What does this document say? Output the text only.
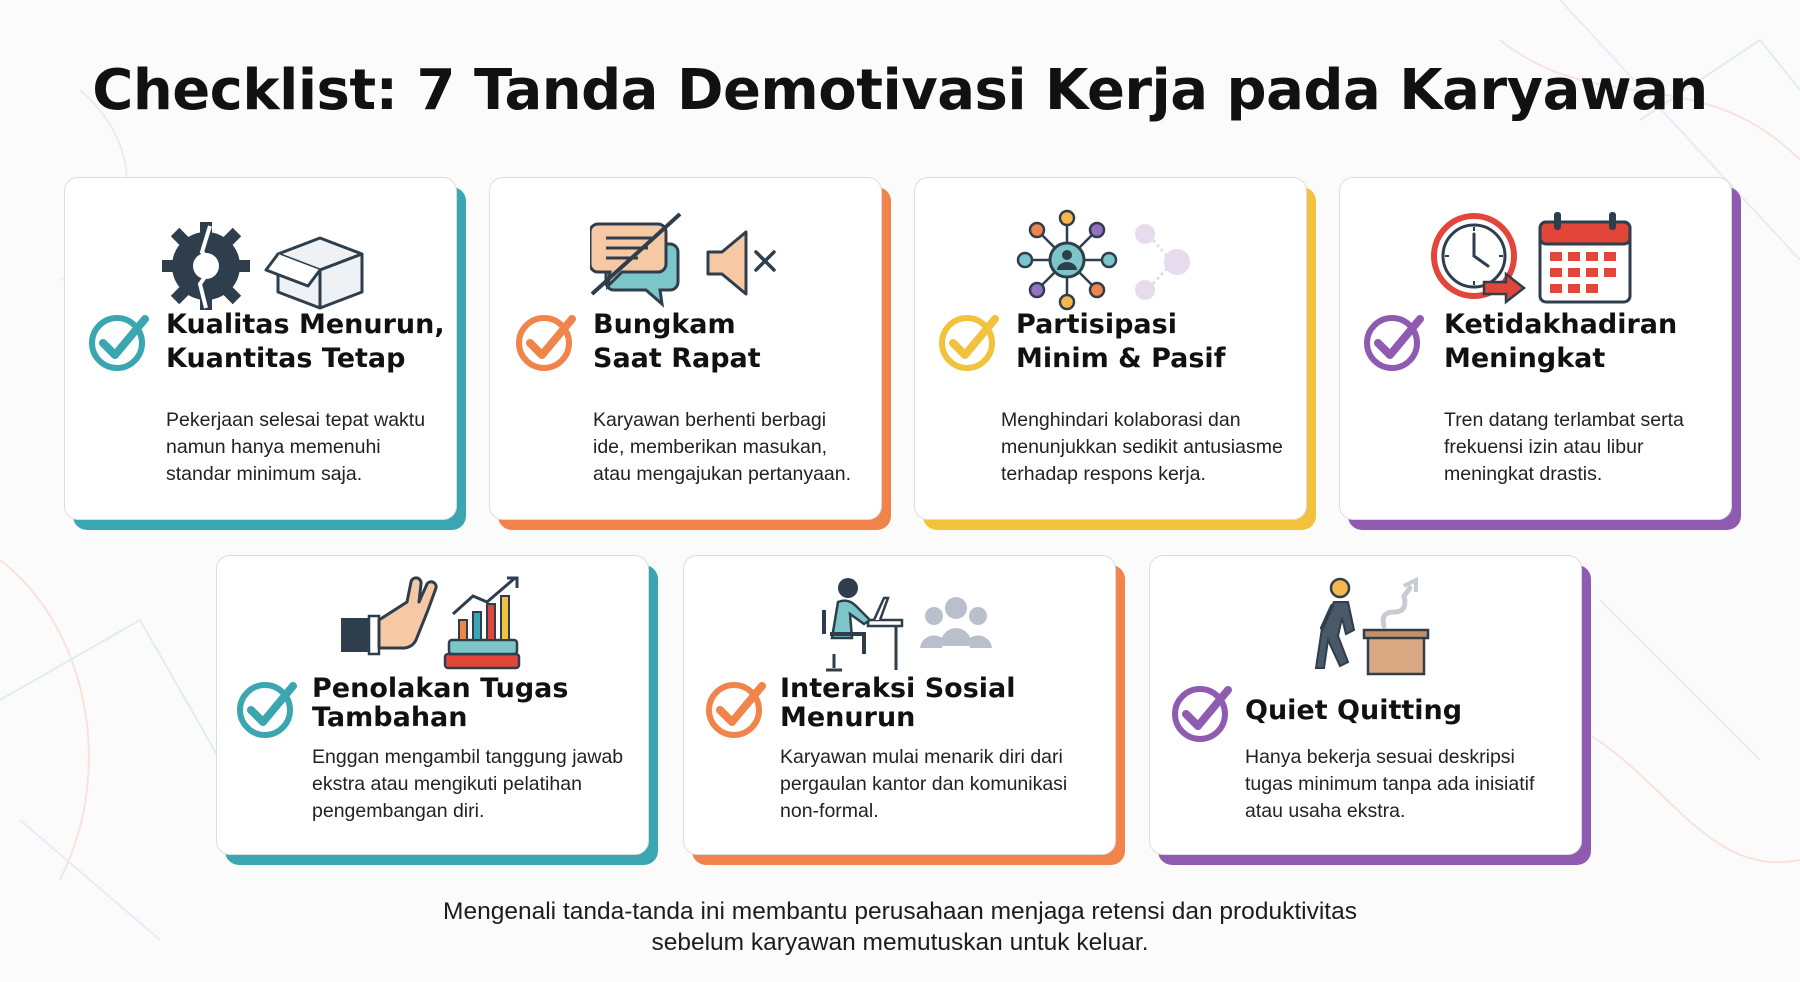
Checklist: 7 Tanda Demotivasi Kerja pada Karyawan
Kualitas Menurun,
Kuantitas Tetap
Pekerjaan selesai tepat waktu
namun hanya memenuhi
standar minimum saja.
Bungkam
Saat Rapat
Karyawan berhenti berbagi
ide, memberikan masukan,
atau mengajukan pertanyaan.
Partisipasi
Minim & Pasif
Menghindari kolaborasi dan
menunjukkan sedikit antusiasme
terhadap respons kerja.
Ketidakhadiran
Meningkat
Tren datang terlambat serta
frekuensi izin atau libur
meningkat drastis.
Penolakan Tugas
Tambahan
Enggan mengambil tanggung jawab
ekstra atau mengikuti pelatihan
pengembangan diri.
Interaksi Sosial
Menurun
Karyawan mulai menarik diri dari
pergaulan kantor dan komunikasi
non-formal.
Quiet Quitting
Hanya bekerja sesuai deskripsi
tugas minimum tanpa ada inisiatif
atau usaha ekstra.
Mengenali tanda-tanda ini membantu perusahaan menjaga retensi dan produktivitas
sebelum karyawan memutuskan untuk keluar.
